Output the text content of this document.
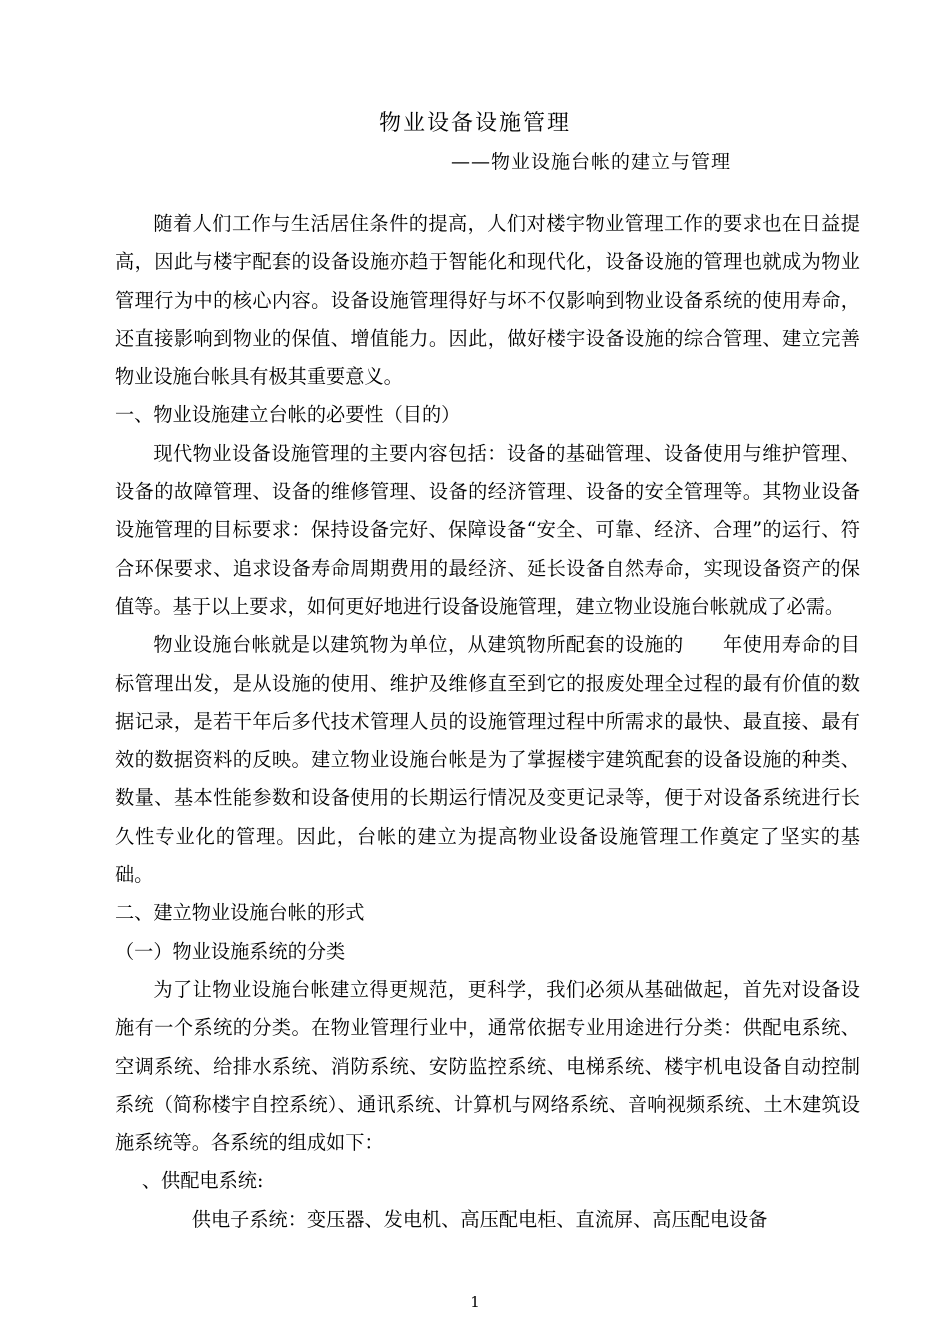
物业设备设施管理
——物业设施台帐的建立与管理

随着人们工作与生活居住条件的提高，人们对楼宇物业管理工作的要求也在日益提高，因此与楼宇配套的设备设施亦趋于智能化和现代化，设备设施的管理也就成为物业管理行为中的核心内容。设备设施管理得好与坏不仅影响到物业设备系统的使用寿命，还直接影响到物业的保值、增值能力。因此，做好楼宇设备设施的综合管理、建立完善物业设施台帐具有极其重要意义。

一、物业设施建立台帐的必要性（目的）

现代物业设备设施管理的主要内容包括：设备的基础管理、设备使用与维护管理、设备的故障管理、设备的维修管理、设备的经济管理、设备的安全管理等。其物业设备设施管理的目标要求：保持设备完好、保障设备“安全、可靠、经济、合理”的运行、符合环保要求、追求设备寿命周期费用的最经济、延长设备自然寿命，实现设备资产的保值等。基于以上要求，如何更好地进行设备设施管理，建立物业设施台帐就成了必需。

物业设施台帐就是以建筑物为单位，从建筑物所配套的设施的　　年使用寿命的目标管理出发，是从设施的使用、维护及维修直至到它的报废处理全过程的最有价值的数据记录，是若干年后多代技术管理人员的设施管理过程中所需求的最快、最直接、最有效的数据资料的反映。建立物业设施台帐是为了掌握楼宇建筑配套的设备设施的种类、数量、基本性能参数和设备使用的长期运行情况及变更记录等，便于对设备系统进行长久性专业化的管理。因此，台帐的建立为提高物业设备设施管理工作奠定了坚实的基础。

二、建立物业设施台帐的形式

（一）物业设施系统的分类

为了让物业设施台帐建立得更规范，更科学，我们必须从基础做起，首先对设备设施有一个系统的分类。在物业管理行业中，通常依据专业用途进行分类：供配电系统、空调系统、给排水系统、消防系统、安防监控系统、电梯系统、楼宇机电设备自动控制系统（简称楼宇自控系统）、通讯系统、计算机与网络系统、音响视频系统、土木建筑设施系统等。各系统的组成如下：

、供配电系统:

供电子系统：变压器、发电机、高压配电柜、直流屏、高压配电设备

1
